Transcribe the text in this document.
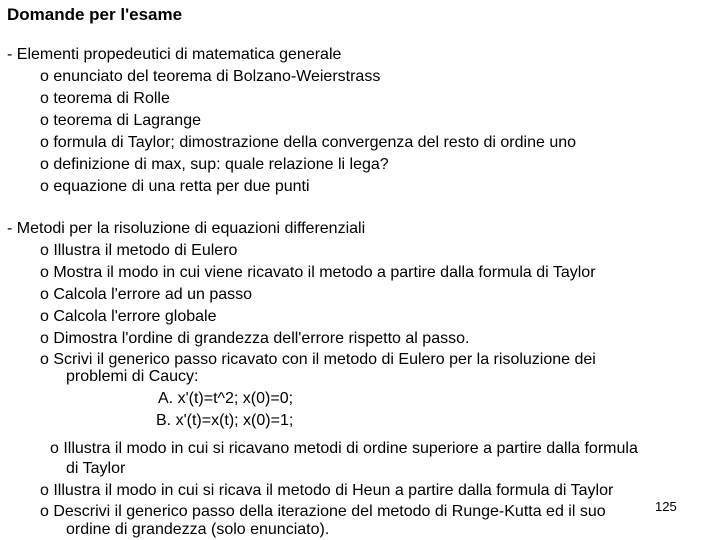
Domande per l'esame
- Elementi propedeutici di matematica generale
o enunciato del teorema di Bolzano-Weierstrass
o teorema di Rolle
o teorema di Lagrange
o formula di Taylor; dimostrazione della convergenza del resto di ordine uno
o definizione di max, sup: quale relazione li lega?
o equazione di una retta per due punti
- Metodi per la risoluzione di equazioni differenziali
o Illustra il metodo di Eulero
o Mostra il modo in cui viene ricavato il metodo a partire dalla formula di Taylor
o Calcola l'errore ad un passo
o Calcola l'errore globale
o Dimostra l'ordine di grandezza dell'errore rispetto al passo.
o Scrivi il generico passo ricavato con il metodo di Eulero per la risoluzione dei
problemi di Caucy:
A. x'(t)=t^2; x(0)=0;
B. x'(t)=x(t); x(0)=1;
o Illustra il modo in cui si ricavano metodi di ordine superiore a partire dalla formula
di Taylor
o Illustra il modo in cui si ricava il metodo di Heun a partire dalla formula di Taylor
o Descrivi il generico passo della iterazione del metodo di Runge-Kutta ed il suo
ordine di grandezza (solo enunciato).
125
